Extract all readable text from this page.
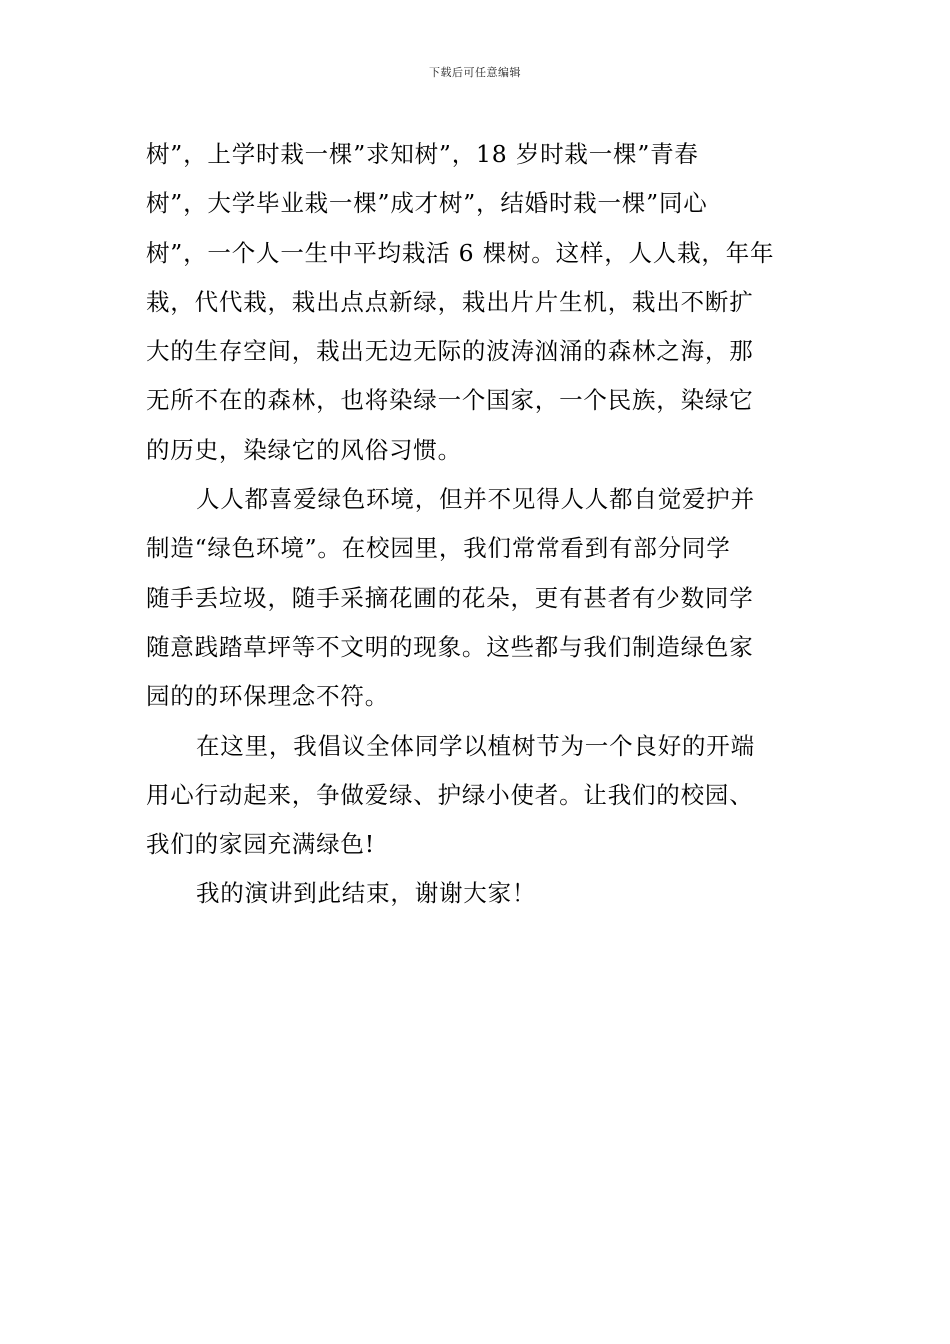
下载后可任意编辑
树”，上学时栽一棵”求知树”，18 岁时栽一棵”青春
树”，大学毕业栽一棵”成才树”，结婚时栽一棵”同心
树”，一个人一生中平均栽活 6 棵树。这样，人人栽，年年
栽，代代栽，栽出点点新绿，栽出片片生机，栽出不断扩
大的生存空间，栽出无边无际的波涛汹涌的森林之海，那
无所不在的森林，也将染绿一个国家，一个民族，染绿它
的历史，染绿它的风俗习惯。
人人都喜爱绿色环境，但并不见得人人都自觉爱护并
制造“绿色环境”。在校园里，我们常常看到有部分同学
随手丢垃圾，随手采摘花圃的花朵，更有甚者有少数同学
随意践踏草坪等不文明的现象。这些都与我们制造绿色家
园的的环保理念不符。
在这里，我倡议全体同学以植树节为一个良好的开端
用心行动起来，争做爱绿、护绿小使者。让我们的校园、
我们的家园充满绿色!
我的演讲到此结束，谢谢大家！
